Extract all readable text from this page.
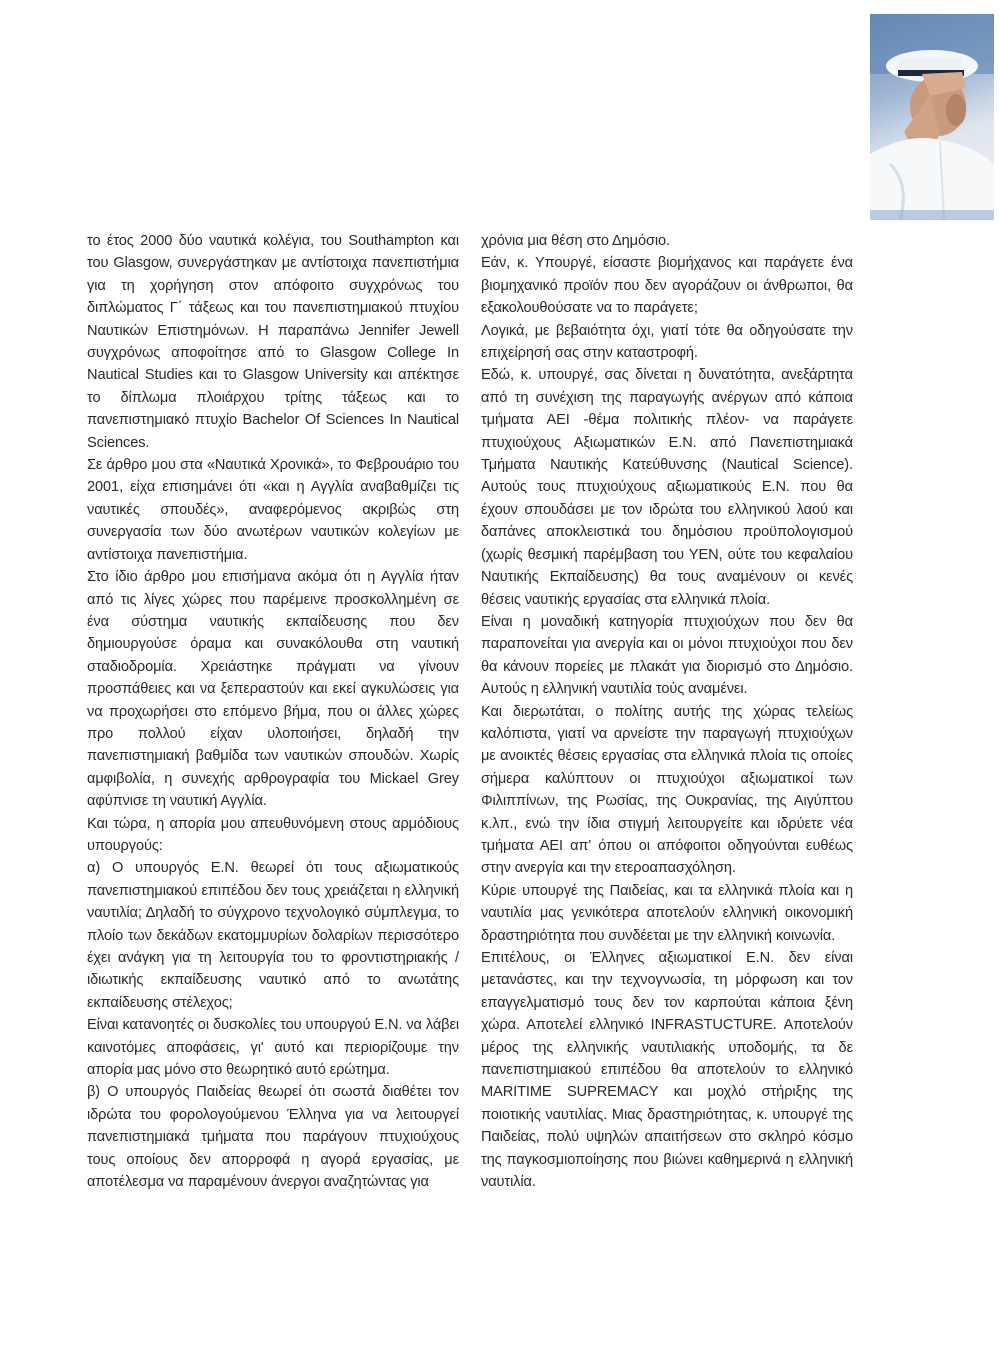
το έτος 2000 δύο ναυτικά κολέγια, του Southampton και του Glasgow, συνεργάστηκαν με αντίστοιχα πανεπιστήμια για τη χορήγηση στον απόφοιτο συγχρόνως του διπλώματος Γ΄ τάξεως και του πανεπιστημιακού πτυχίου Ναυτικών Επιστημόνων. Η παραπάνω Jennifer Jewell συγχρόνως αποφοίτησε από το Glasgow College In Nautical Studies και το Glasgow University και απέκτησε το δίπλωμα πλοιάρχου τρίτης τάξεως και το πανεπιστημιακό πτυχίο Bachelor Of Sciences In Nautical Sciences.

Σε άρθρο μου στα «Ναυτικά Χρονικά», το Φεβρουάριο του 2001, είχα επισημάνει ότι «και η Αγγλία αναβαθμίζει τις ναυτικές σπουδές», αναφερόμενος ακριβώς στη συνεργασία των δύο ανωτέρων ναυτικών κολεγίων με αντίστοιχα πανεπιστήμια.

Στο ίδιο άρθρο μου επισήμανα ακόμα ότι η Αγγλία ήταν από τις λίγες χώρες που παρέμεινε προσκολλημένη σε ένα σύστημα ναυτικής εκπαίδευσης που δεν δημιουργούσε όραμα και συνακόλουθα στη ναυτική σταδιοδρομία. Χρειάστηκε πράγματι να γίνουν προσπάθειες και να ξεπεραστούν και εκεί αγκυλώσεις για να προχωρήσει στο επόμενο βήμα, που οι άλλες χώρες προ πολλού είχαν υλοποιήσει, δηλαδή την πανεπιστημιακή βαθμίδα των ναυτικών σπουδών. Χωρίς αμφιβολία, η συνεχής αρθρογραφία του Mickael Grey αφύπνισε τη ναυτική Αγγλία.

Και τώρα, η απορία μου απευθυνόμενη στους αρμόδιους υπουργούς:

α) Ο υπουργός Ε.Ν. θεωρεί ότι τους αξιωματικούς πανεπιστημιακού επιπέδου δεν τους χρειάζεται η ελληνική ναυτιλία; Δηλαδή το σύγχρονο τεχνολογικό σύμπλεγμα, το πλοίο των δεκάδων εκατομμυρίων δολαρίων περισσότερο έχει ανάγκη για τη λειτουργία του το φροντιστηριακής / ιδιωτικής εκπαίδευσης ναυτικό από το ανωτάτης εκπαίδευσης στέλεχος;

Είναι κατανοητές οι δυσκολίες του υπουργού Ε.Ν. να λάβει καινοτόμες αποφάσεις, γι' αυτό και περιορίζουμε την απορία μας μόνο στο θεωρητικό αυτό ερώτημα.

β) Ο υπουργός Παιδείας θεωρεί ότι σωστά διαθέτει τον ιδρώτα του φορολογούμενου Έλληνα για να λειτουργεί πανεπιστημιακά τμήματα που παράγουν πτυχιούχους τους οποίους δεν απορροφά η αγορά εργασίας, με αποτέλεσμα να παραμένουν άνεργοι αναζητώντας για

χρόνια μια θέση στο Δημόσιο.

Εάν, κ. Υπουργέ, είσαστε βιομήχανος και παράγετε ένα βιομηχανικό προϊόν που δεν αγοράζουν οι άνθρωποι, θα εξακολουθούσατε να το παράγετε;

Λογικά, με βεβαιότητα όχι, γιατί τότε θα οδηγούσατε την επιχείρησή σας στην καταστροφή.

Εδώ, κ. υπουργέ, σας δίνεται η δυνατότητα, ανεξάρτητα από τη συνέχιση της παραγωγής ανέργων από κάποια τμήματα ΑΕΙ -θέμα πολιτικής πλέον- να παράγετε πτυχιούχους Αξιωματικών Ε.Ν. από Πανεπιστημιακά Τμήματα Ναυτικής Κατεύθυνσης (Nautical Science). Αυτούς τους πτυχιούχους αξιωματικούς Ε.Ν. που θα έχουν σπουδάσει με τον ιδρώτα του ελληνικού λαού και δαπάνες αποκλειστικά του δημόσιου προϋπολογισμού (χωρίς θεσμική παρέμβαση του ΥΕΝ, ούτε του κεφαλαίου Ναυτικής Εκπαίδευσης) θα τους αναμένουν οι κενές θέσεις ναυτικής εργασίας στα ελληνικά πλοία.

Είναι η μοναδική κατηγορία πτυχιούχων που δεν θα παραπονείται για ανεργία και οι μόνοι πτυχιούχοι που δεν θα κάνουν πορείες με πλακάτ για διορισμό στο Δημόσιο. Αυτούς η ελληνική ναυτιλία τούς αναμένει.

Και διερωτάται, ο πολίτης αυτής της χώρας τελείως καλόπιστα, γιατί να αρνείστε την παραγωγή πτυχιούχων με ανοικτές θέσεις εργασίας στα ελληνικά πλοία τις οποίες σήμερα καλύπτουν οι πτυχιούχοι αξιωματικοί των Φιλιππίνων, της Ρωσίας, της Ουκρανίας, της Αιγύπτου κ.λπ., ενώ την ίδια στιγμή λειτουργείτε και ιδρύετε νέα τμήματα ΑΕΙ απ' όπου οι απόφοιτοι οδηγούνται ευθέως στην ανεργία και την ετεροαπασχόληση.

Κύριε υπουργέ της Παιδείας, και τα ελληνικά πλοία και η ναυτιλία μας γενικότερα αποτελούν ελληνική οικονομική δραστηριότητα που συνδέεται με την ελληνική κοινωνία.

Επιτέλους, οι Έλληνες αξιωματικοί Ε.Ν. δεν είναι μετανάστες, και την τεχνογνωσία, τη μόρφωση και τον επαγγελματισμό τους δεν τον καρπούται κάποια ξένη χώρα. Αποτελεί ελληνικό INFRASTUCTURE. Αποτελούν μέρος της ελληνικής ναυτιλιακής υποδομής, τα δε πανεπιστημιακού επιπέδου θα αποτελούν το ελληνικό MARITIME SUPREMACY και μοχλό στήριξης της ποιοτικής ναυτιλίας. Μιας δραστηριότητας, κ. υπουργέ της Παιδείας, πολύ υψηλών απαιτήσεων στο σκληρό κόσμο της παγκοσμιοποίησης που βιώνει καθημερινά η ελληνική ναυτιλία.
